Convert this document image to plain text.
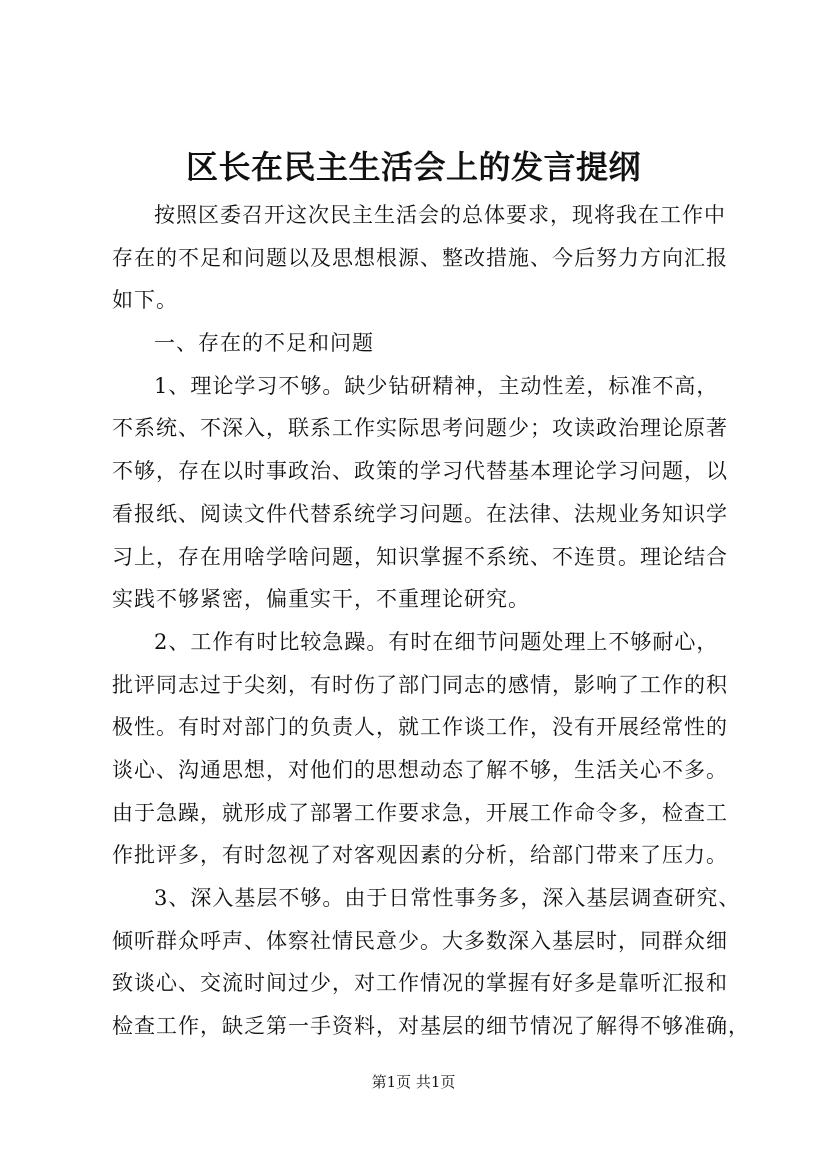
区长在民主生活会上的发言提纲
按照区委召开这次民主生活会的总体要求，现将我在工作中
存在的不足和问题以及思想根源、整改措施、今后努力方向汇报
如下。
一、存在的不足和问题
1、理论学习不够。缺少钻研精神，主动性差，标准不高，
不系统、不深入，联系工作实际思考问题少；攻读政治理论原著
不够，存在以时事政治、政策的学习代替基本理论学习问题，以
看报纸、阅读文件代替系统学习问题。在法律、法规业务知识学
习上，存在用啥学啥问题，知识掌握不系统、不连贯。理论结合
实践不够紧密，偏重实干，不重理论研究。
2、工作有时比较急躁。有时在细节问题处理上不够耐心，
批评同志过于尖刻，有时伤了部门同志的感情，影响了工作的积
极性。有时对部门的负责人，就工作谈工作，没有开展经常性的
谈心、沟通思想，对他们的思想动态了解不够，生活关心不多。
由于急躁，就形成了部署工作要求急，开展工作命令多，检查工
作批评多，有时忽视了对客观因素的分析，给部门带来了压力。
3、深入基层不够。由于日常性事务多，深入基层调查研究、
倾听群众呼声、体察社情民意少。大多数深入基层时，同群众细
致谈心、交流时间过少，对工作情况的掌握有好多是靠听汇报和
检查工作，缺乏第一手资料，对基层的细节情况了解得不够准确，
第1页 共1页
